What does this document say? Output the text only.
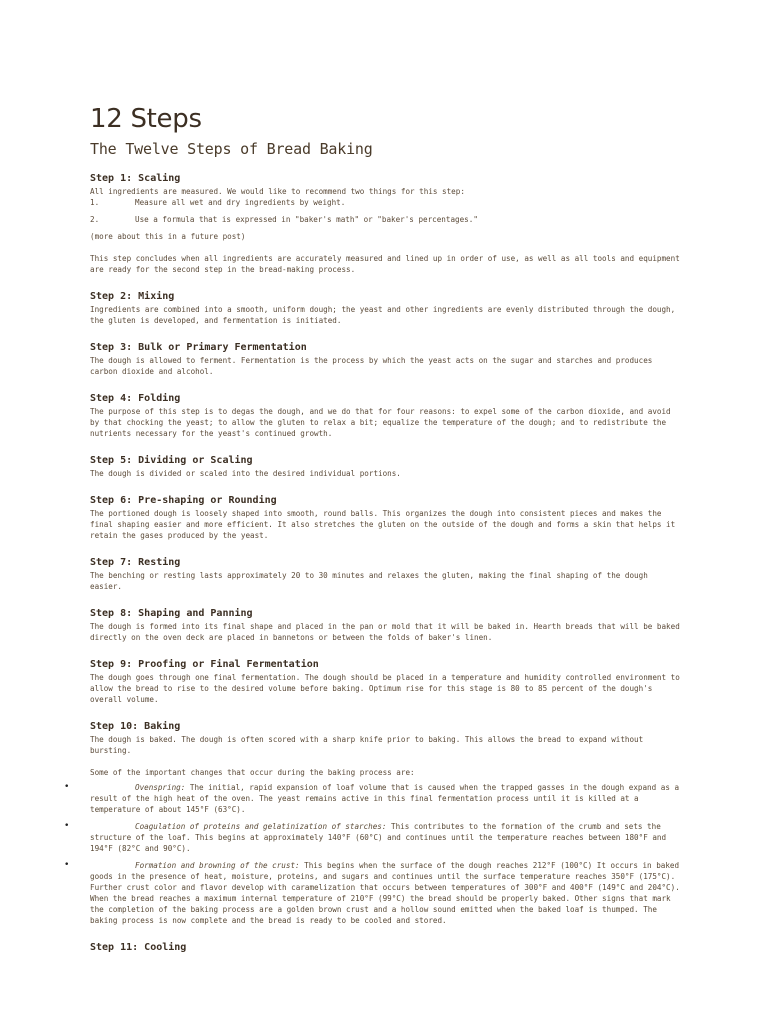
12 Steps
The Twelve Steps of Bread Baking
Step 1: Scaling

All ingredients are measured. We would like to recommend two things for this step:

1.	Measure all wet and dry ingredients by weight.
2.	Use a formula that is expressed in "baker's math" or "baker's percentages."

(more about this in a future post)

This step concludes when all ingredients are accurately measured and lined up in order of use, as well as all tools and equipment are ready for the second step in the bread-making process.

Step 2: Mixing

Ingredients are combined into a smooth, uniform dough; the yeast and other ingredients are evenly distributed through the dough, the gluten is developed, and fermentation is initiated.

Step 3: Bulk or Primary Fermentation

The dough is allowed to ferment. Fermentation is the process by which the yeast acts on the sugar and starches and produces carbon dioxide and alcohol.

Step 4: Folding

The purpose of this step is to degas the dough, and we do that for four reasons: to expel some of the carbon dioxide, and avoid by that chocking the yeast; to allow the gluten to relax a bit; equalize the temperature of the dough; and to redistribute the nutrients necessary for the yeast's continued growth.

Step 5: Dividing or Scaling

The dough is divided or scaled into the desired individual portions.

Step 6: Pre-shaping or Rounding

The portioned dough is loosely shaped into smooth, round balls. This organizes the dough into consistent pieces and makes the final shaping easier and more efficient. It also stretches the gluten on the outside of the dough and forms a skin that helps it retain the gases produced by the yeast.

Step 7: Resting

The benching or resting lasts approximately 20 to 30 minutes and relaxes the gluten, making the final shaping of the dough easier.

Step 8: Shaping and Panning

The dough is formed into its final shape and placed in the pan or mold that it will be baked in. Hearth breads that will be baked directly on the oven deck are placed in bannetons or between the folds of baker's linen.

Step 9: Proofing or Final Fermentation

The dough goes through one final fermentation. The dough should be placed in a temperature and humidity controlled environment to allow the bread to rise to the desired volume before baking. Optimum rise for this stage is 80 to 85 percent of the dough's overall volume.

Step 10: Baking

The dough is baked. The dough is often scored with a sharp knife prior to baking. This allows the bread to expand without bursting.

Some of the important changes that occur during the baking process are:

•	Ovenspring: The initial, rapid expansion of loaf volume that is caused when the trapped gasses in the dough expand as a result of the high heat of the oven. The yeast remains active in this final fermentation process until it is killed at a temperature of about 145°F (63°C).
•	Coagulation of proteins and gelatinization of starches: This contributes to the formation of the crumb and sets the structure of the loaf. This begins at approximately 140°F (60°C) and continues until the temperature reaches between 180°F and 194°F (82°C and 90°C).
•	Formation and browning of the crust: This begins when the surface of the dough reaches 212°F (100°C) It occurs in baked goods in the presence of heat, moisture, proteins, and sugars and continues until the surface temperature reaches 350°F (175°C). Further crust color and flavor develop with caramelization that occurs between temperatures of 300°F and 400°F (149°C and 204°C). When the bread reaches a maximum internal temperature of 210°F (99°C) the bread should be properly baked. Other signs that mark the completion of the baking process are a golden brown crust and a hollow sound emitted when the baked loaf is thumped. The baking process is now complete and the bread is ready to be cooled and stored.
Step 11: Cooling
